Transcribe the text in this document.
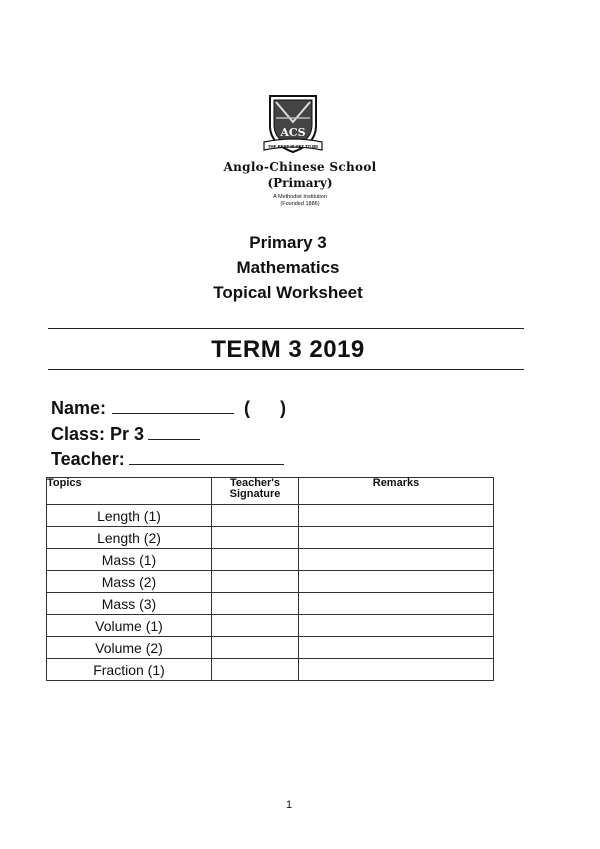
ACS
THE BEST IS YET TO BE
Anglo-Chinese School
(Primary)
A Methodist Institution
(Founded 1886)
Primary 3
Mathematics
Topical Worksheet
TERM 3 2019
Name:	( )
Class: Pr 3
Teacher:
Topics	Teacher's Signature	Remarks
Length (1)		
Length (2)		
Mass (1)		
Mass (2)		
Mass (3)		
Volume (1)		
Volume (2)		
Fraction (1)		
1
